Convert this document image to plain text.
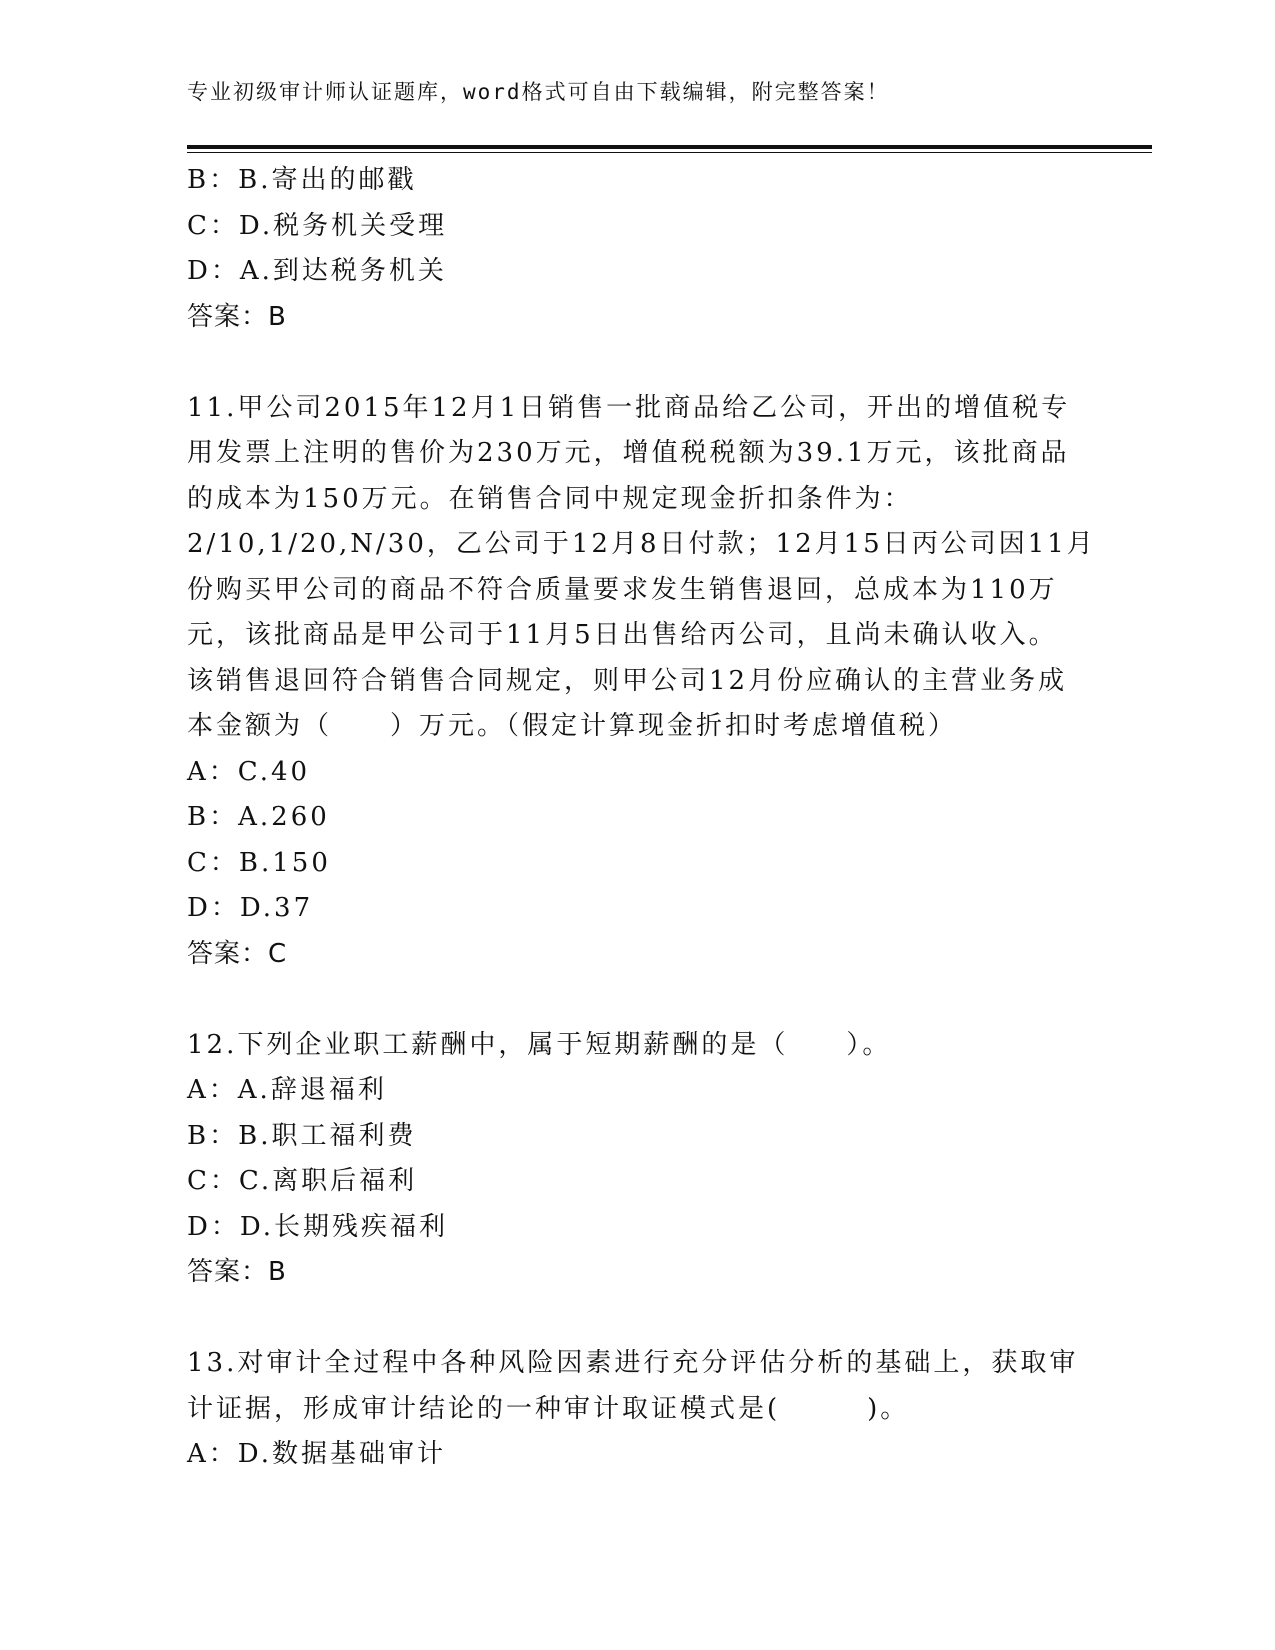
专业初级审计师认证题库，word格式可自由下载编辑，附完整答案！
B：B.寄出的邮戳
C：D.税务机关受理
D：A.到达税务机关
答案：B
11.甲公司2015年12月1日销售一批商品给乙公司，开出的增值税专
用发票上注明的售价为230万元，增值税税额为39.1万元，该批商品
的成本为150万元。在销售合同中规定现金折扣条件为：
2/10,1/20,N/30，乙公司于12月8日付款；12月15日丙公司因11月
份购买甲公司的商品不符合质量要求发生销售退回，总成本为110万
元，该批商品是甲公司于11月5日出售给丙公司，且尚未确认收入。
该销售退回符合销售合同规定，则甲公司12月份应确认的主营业务成
本金额为（　　）万元。（假定计算现金折扣时考虑增值税）
A：C.40
B：A.260
C：B.150
D：D.37
答案：C
12.下列企业职工薪酬中，属于短期薪酬的是（　　）。
A：A.辞退福利
B：B.职工福利费
C：C.离职后福利
D：D.长期残疾福利
答案：B
13.对审计全过程中各种风险因素进行充分评估分析的基础上，获取审
计证据，形成审计结论的一种审计取证模式是(　　　)。
A：D.数据基础审计
